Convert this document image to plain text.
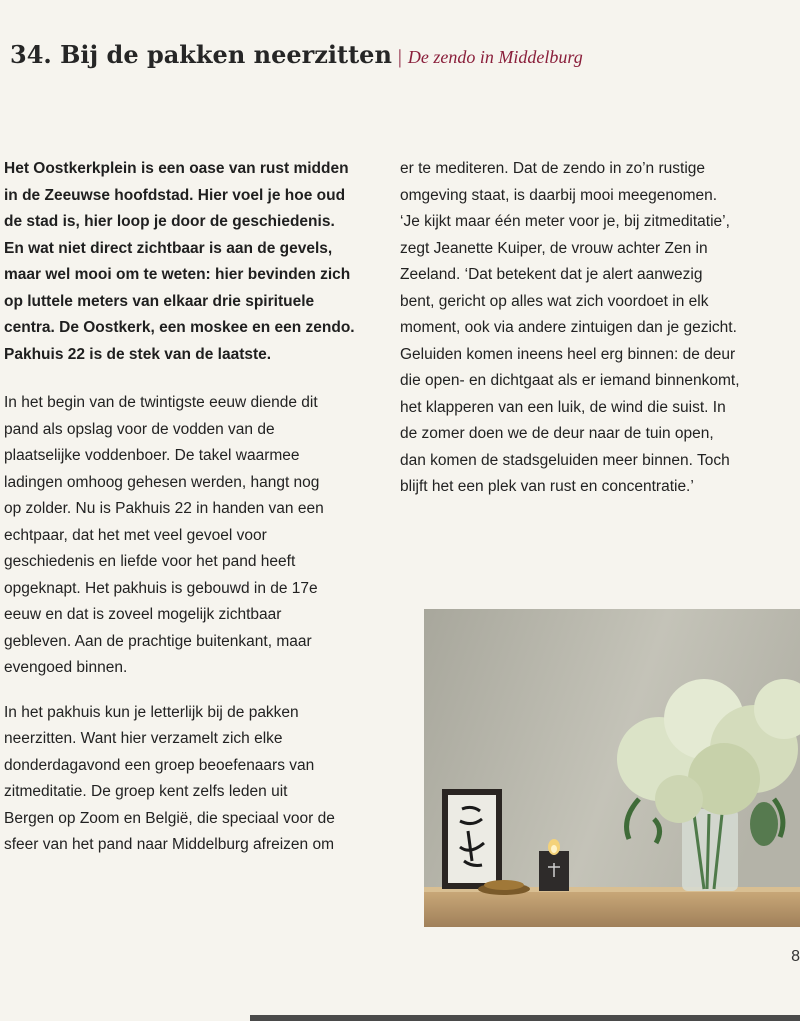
34. Bij de pakken neerzitten | De zendo in Middelburg
Het Oostkerkplein is een oase van rust midden
in de Zeeuwse hoofdstad. Hier voel je hoe oud
de stad is, hier loop je door de geschiedenis.
En wat niet direct zichtbaar is aan de gevels,
maar wel mooi om te weten: hier bevinden zich
op luttele meters van elkaar drie spirituele
centra. De Oostkerk, een moskee en een zendo.
Pakhuis 22 is de stek van de laatste.
In het begin van de twintigste eeuw diende dit
pand als opslag voor de vodden van de
plaatselijke voddenboer. De takel waarmee
ladingen omhoog gehesen werden, hangt nog
op zolder. Nu is Pakhuis 22 in handen van een
echtpaar, dat het met veel gevoel voor
geschiedenis en liefde voor het pand heeft
opgeknapt. Het pakhuis is gebouwd in de 17e
eeuw en dat is zoveel mogelijk zichtbaar
gebleven. Aan de prachtige buitenkant, maar
evengoed binnen.
In het pakhuis kun je letterlijk bij de pakken
neerzitten. Want hier verzamelt zich elke
donderdagavond een groep beoefenaars van
zitmeditatie. De groep kent zelfs leden uit
Bergen op Zoom en België, die speciaal voor de
sfeer van het pand naar Middelburg afreizen om
er te mediteren. Dat de zendo in zo’n rustige
omgeving staat, is daarbij mooi meegenomen.
‘Je kijkt maar één meter voor je, bij zitmeditatie’,
zegt Jeanette Kuiper, de vrouw achter Zen in
Zeeland. ‘Dat betekent dat je alert aanwezig
bent, gericht op alles wat zich voordoet in elk
moment, ook via andere zintuigen dan je gezicht.
Geluiden komen ineens heel erg binnen: de deur
die open- en dichtgaat als er iemand binnenkomt,
het klapperen van een luik, de wind die suist. In
de zomer doen we de deur naar de tuin open,
dan komen de stadsgeluiden meer binnen. Toch
blijft het een plek van rust en concentratie.’
8
